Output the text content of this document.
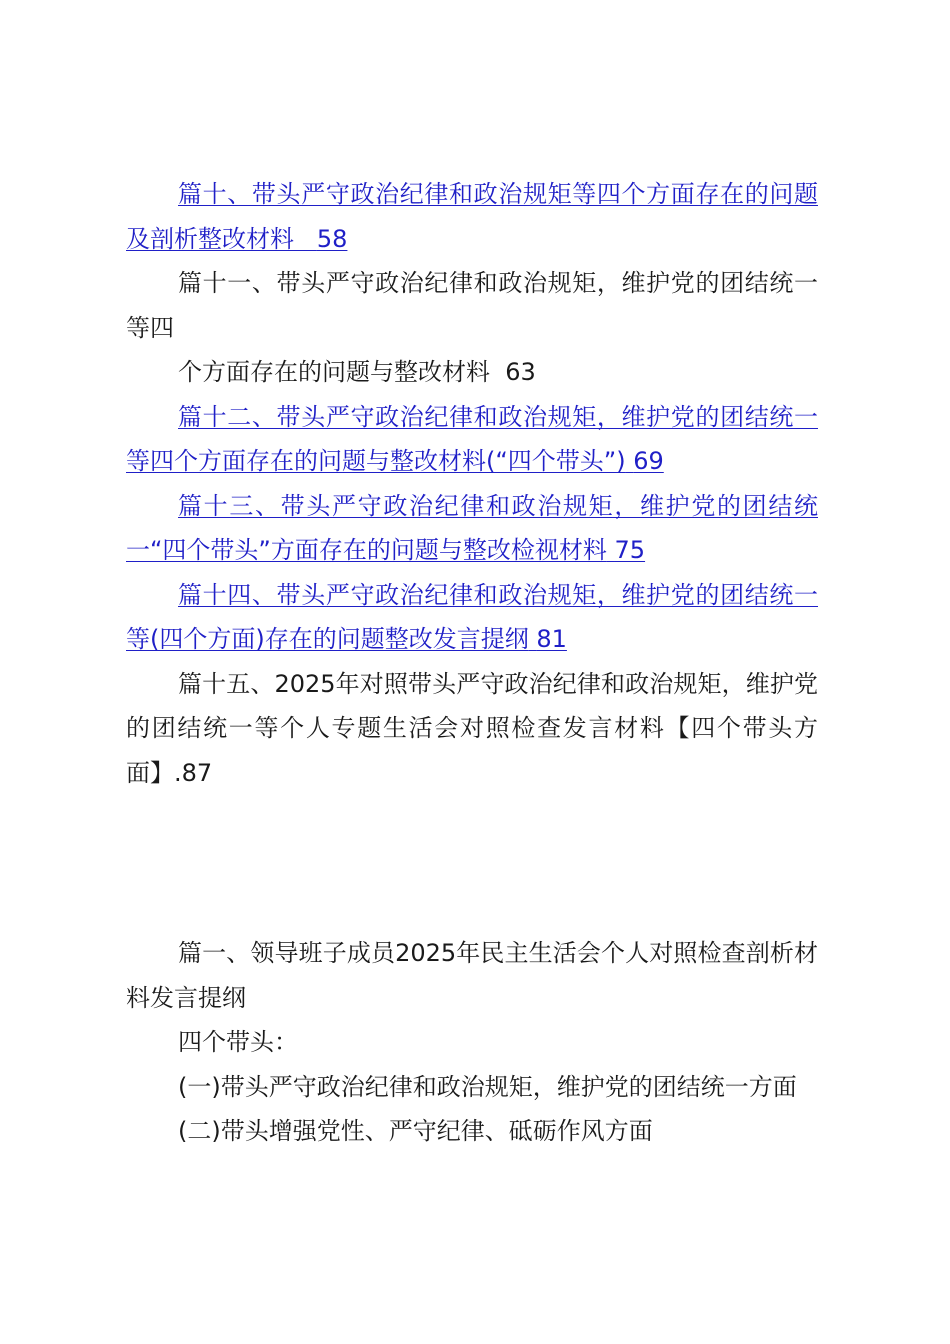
篇十、带头严守政治纪律和政治规矩等四个方面存在的问题及剖析整改材料 58

篇十一、带头严守政治纪律和政治规矩，维护党的团结统一等四

个方面存在的问题与整改材料 63

篇十二、带头严守政治纪律和政治规矩，维护党的团结统一等四个方面存在的问题与整改材料(“四个带头”) 69

篇十三、带头严守政治纪律和政治规矩，维护党的团结统一“四个带头”方面存在的问题与整改检视材料 75

篇十四、带头严守政治纪律和政治规矩，维护党的团结统一等(四个方面)存在的问题整改发言提纲 81

篇十五、2025年对照带头严守政治纪律和政治规矩，维护党的团结统一等个人专题生活会对照检查发言材料【四个带头方面】.87

篇一、领导班子成员2025年民主生活会个人对照检查剖析材料发言提纲

四个带头：

(一)带头严守政治纪律和政治规矩，维护党的团结统一方面

(二)带头增强党性、严守纪律、砥砺作风方面
